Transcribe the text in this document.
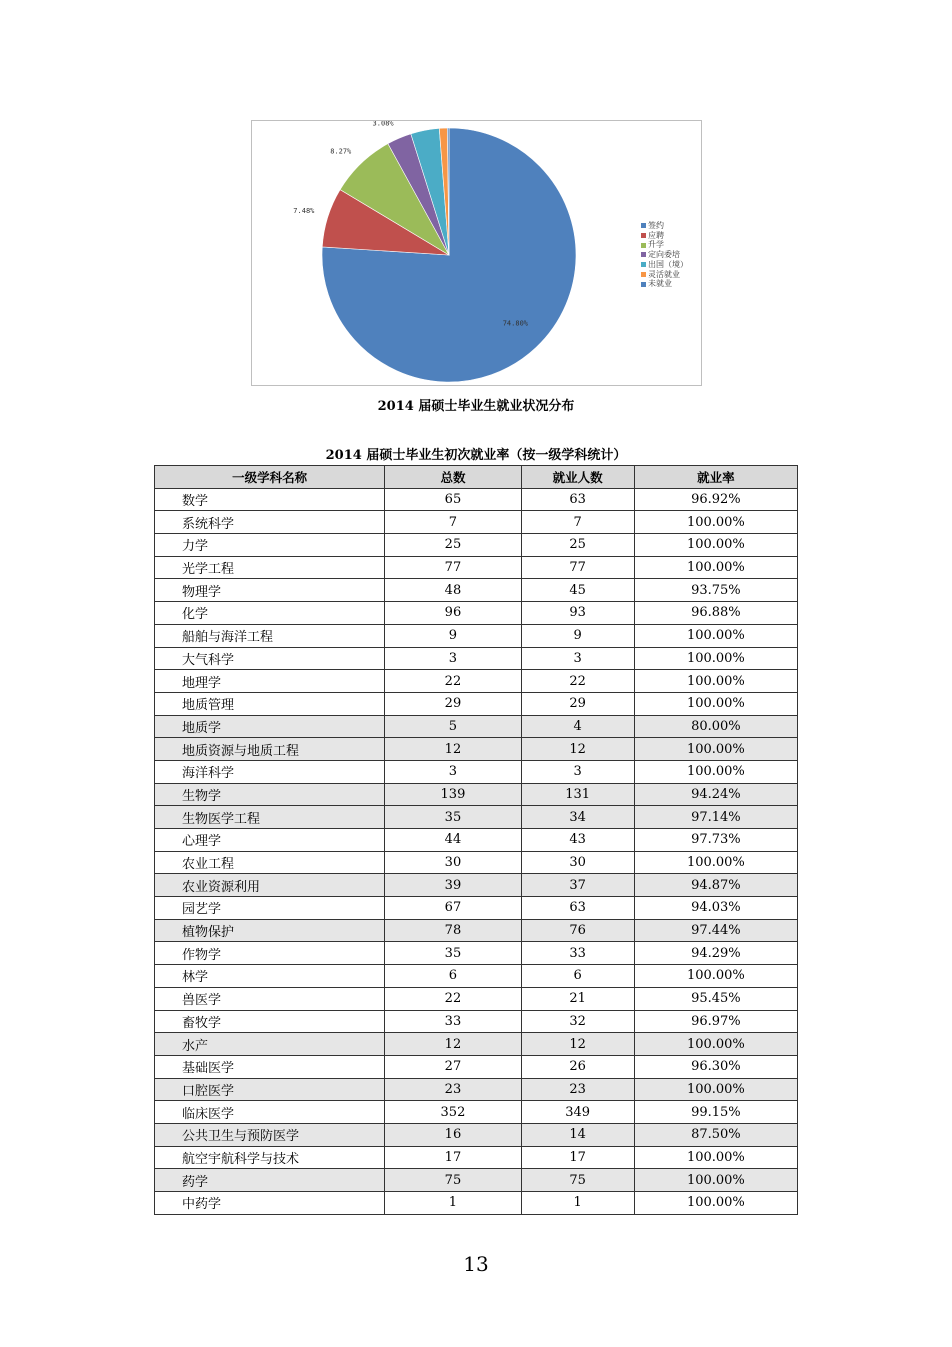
74.80%
7.48%
8.27%
3.08%
签约
应聘
升学
定向委培
出国（境）
灵活就业
未就业
2014 届硕士毕业生就业状况分布
2014 届硕士毕业生初次就业率（按一级学科统计）
一级学科名称	总数	就业人数	就业率
数学	65	63	96.92%
系统科学	7	7	100.00%
力学	25	25	100.00%
光学工程	77	77	100.00%
物理学	48	45	93.75%
化学	96	93	96.88%
船舶与海洋工程	9	9	100.00%
大气科学	3	3	100.00%
地理学	22	22	100.00%
地质管理	29	29	100.00%
地质学	5	4	80.00%
地质资源与地质工程	12	12	100.00%
海洋科学	3	3	100.00%
生物学	139	131	94.24%
生物医学工程	35	34	97.14%
心理学	44	43	97.73%
农业工程	30	30	100.00%
农业资源利用	39	37	94.87%
园艺学	67	63	94.03%
植物保护	78	76	97.44%
作物学	35	33	94.29%
林学	6	6	100.00%
兽医学	22	21	95.45%
畜牧学	33	32	96.97%
水产	12	12	100.00%
基础医学	27	26	96.30%
口腔医学	23	23	100.00%
临床医学	352	349	99.15%
公共卫生与预防医学	16	14	87.50%
航空宇航科学与技术	17	17	100.00%
药学	75	75	100.00%
中药学	1	1	100.00%
13
